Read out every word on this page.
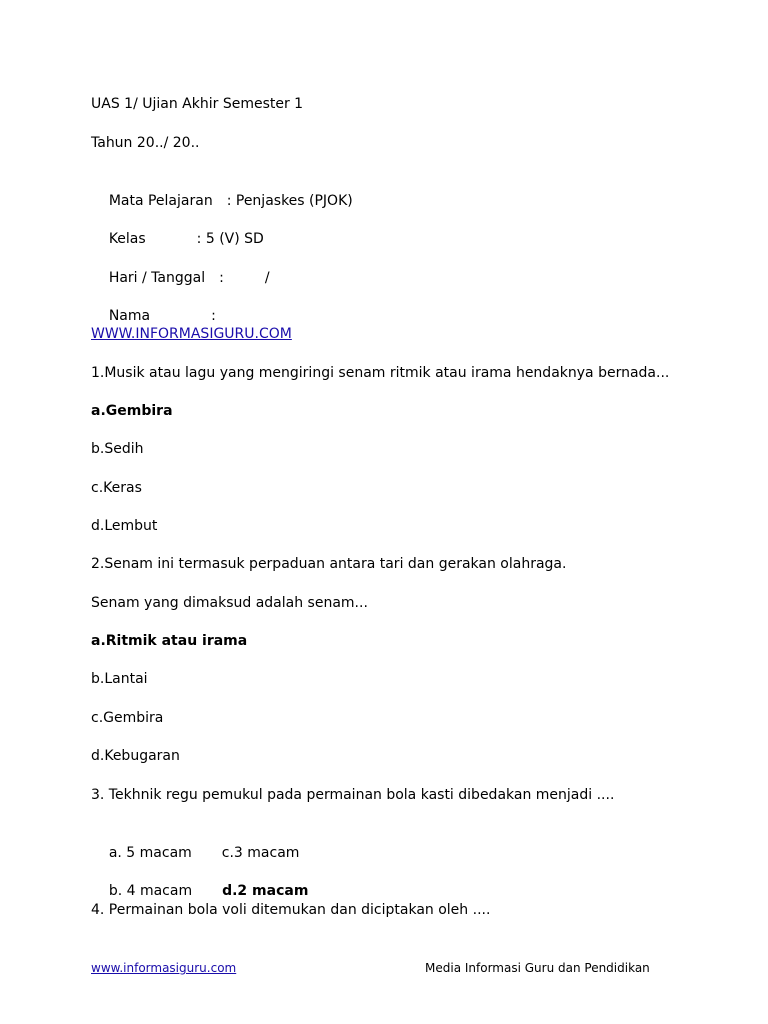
UAS 1/ Ujian Akhir Semester 1
Tahun 20../ 20..

Mata Pelajaran : Penjaskes (PJOK)

Kelas	: 5 (V) SD

Hari / Tanggal :	/

Nama	:

WWW.INFORMASIGURU.COM
1.Musik atau lagu yang mengiringi senam ritmik atau irama hendaknya bernada...
a.Gembira
b.Sedih
c.Keras
d.Lembut
2.Senam ini termasuk perpaduan antara tari dan gerakan olahraga.
Senam yang dimaksud adalah senam...
a.Ritmik atau irama
b.Lantai
c.Gembira
d.Kebugaran
3. Tekhnik regu pemukul pada permainan bola kasti dibedakan menjadi ....

a. 5 macam c.3 macam

b. 4 macam d.2 macam

4. Permainan bola voli ditemukan dan diciptakan oleh ....
www.informasiguru.com	Media Informasi Guru dan Pendidikan
